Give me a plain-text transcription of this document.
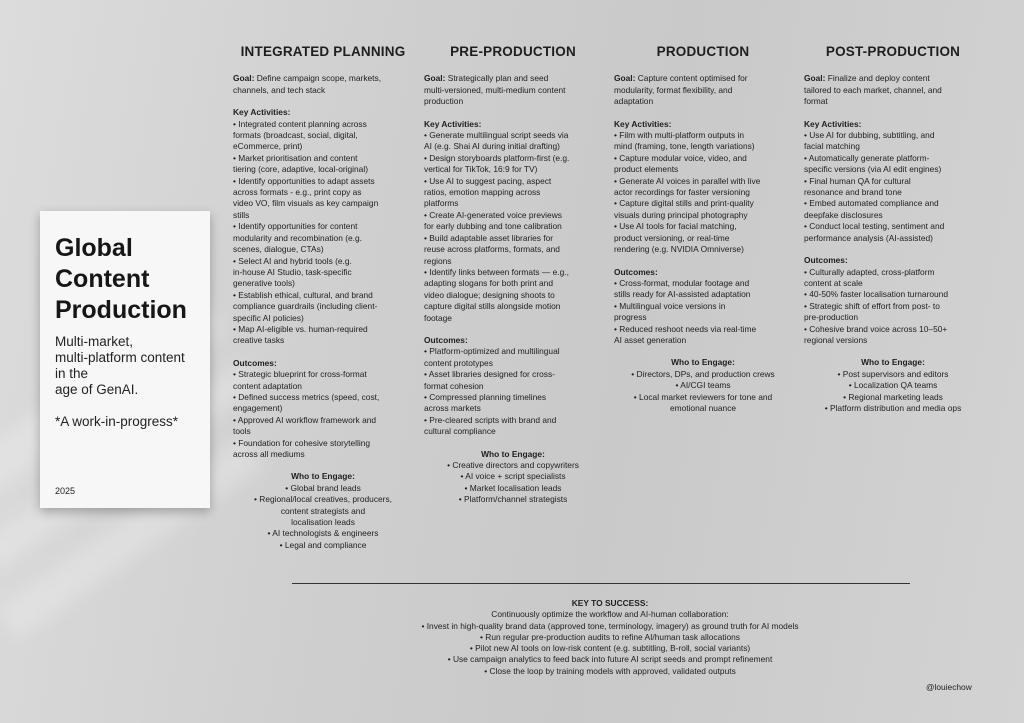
Global
Content
Production
Multi-market,
multi-platform content
in the
age of GenAI.
*A work-in-progress*
2025
INTEGRATED PLANNING

Goal: Define campaign scope, markets,
channels, and tech stack

Key Activities:
• Integrated content planning across
formats (broadcast, social, digital,
eCommerce, print)
• Market prioritisation and content
tiering (core, adaptive, local-original)
• Identify opportunities to adapt assets
across formats - e.g., print copy as
video VO, film visuals as key campaign
stills
• Identify opportunities for content
modularity and recombination (e.g.
scenes, dialogue, CTAs)
• Select AI and hybrid tools (e.g.
in-house AI Studio, task-specific
generative tools)
• Establish ethical, cultural, and brand
compliance guardrails (including client-
specific AI policies)
• Map AI-eligible vs. human-required
creative tasks
Outcomes:
• Strategic blueprint for cross-format
content adaptation
• Defined success metrics (speed, cost,
engagement)
• Approved AI workflow framework and
tools
• Foundation for cohesive storytelling
across all mediums
Who to Engage:
• Global brand leads
• Regional/local creatives, producers,
content strategists and
localisation leads
• AI technologists & engineers
• Legal and compliance
PRE-PRODUCTION

Goal: Strategically plan and seed
multi-versioned, multi-medium content
production

Key Activities:
• Generate multilingual script seeds via
AI (e.g. Shai AI during initial drafting)
• Design storyboards platform-first (e.g.
vertical for TikTok, 16:9 for TV)
• Use AI to suggest pacing, aspect
ratios, emotion mapping across
platforms
• Create AI-generated voice previews
for early dubbing and tone calibration
• Build adaptable asset libraries for
reuse across platforms, formats, and
regions
• Identify links between formats — e.g.,
adapting slogans for both print and
video dialogue; designing shoots to
capture digital stills alongside motion
footage
Outcomes:
• Platform-optimized and multilingual
content prototypes
• Asset libraries designed for cross-
format cohesion
• Compressed planning timelines
across markets
• Pre-cleared scripts with brand and
cultural compliance
Who to Engage:
• Creative directors and copywriters
• AI voice + script specialists
• Market localisation leads
• Platform/channel strategists
PRODUCTION

Goal: Capture content optimised for
modularity, format flexibility, and
adaptation

Key Activities:
• Film with multi-platform outputs in
mind (framing, tone, length variations)
• Capture modular voice, video, and
product elements
• Generate AI voices in parallel with live
actor recordings for faster versioning
• Capture digital stills and print-quality
visuals during principal photography
• Use AI tools for facial matching,
product versioning, or real-time
rendering (e.g. NVIDIA Omniverse)
Outcomes:
• Cross-format, modular footage and
stills ready for AI-assisted adaptation
• Multilingual voice versions in
progress
• Reduced reshoot needs via real-time
AI asset generation
Who to Engage:
• Directors, DPs, and production crews
• AI/CGI teams
• Local market reviewers for tone and
emotional nuance
POST-PRODUCTION

Goal: Finalize and deploy content
tailored to each market, channel, and
format

Key Activities:
• Use AI for dubbing, subtitling, and
facial matching
• Automatically generate platform-
specific versions (via AI edit engines)
• Final human QA for cultural
resonance and brand tone
• Embed automated compliance and
deepfake disclosures
• Conduct local testing, sentiment and
performance analysis (AI-assisted)
Outcomes:
• Culturally adapted, cross-platform
content at scale
• 40-50% faster localisation turnaround
• Strategic shift of effort from post- to
pre-production
• Cohesive brand voice across 10–50+
regional versions
Who to Engage:
• Post supervisors and editors
• Localization QA teams
• Regional marketing leads
• Platform distribution and media ops
KEY TO SUCCESS:
Continuously optimize the workflow and AI-human collaboration:
• Invest in high-quality brand data (approved tone, terminology, imagery) as ground truth for AI models
• Run regular pre-production audits to refine AI/human task allocations
• Pilot new AI tools on low-risk content (e.g. subtitling, B-roll, social variants)
• Use campaign analytics to feed back into future AI script seeds and prompt refinement
• Close the loop by training models with approved, validated outputs
@louiechow
